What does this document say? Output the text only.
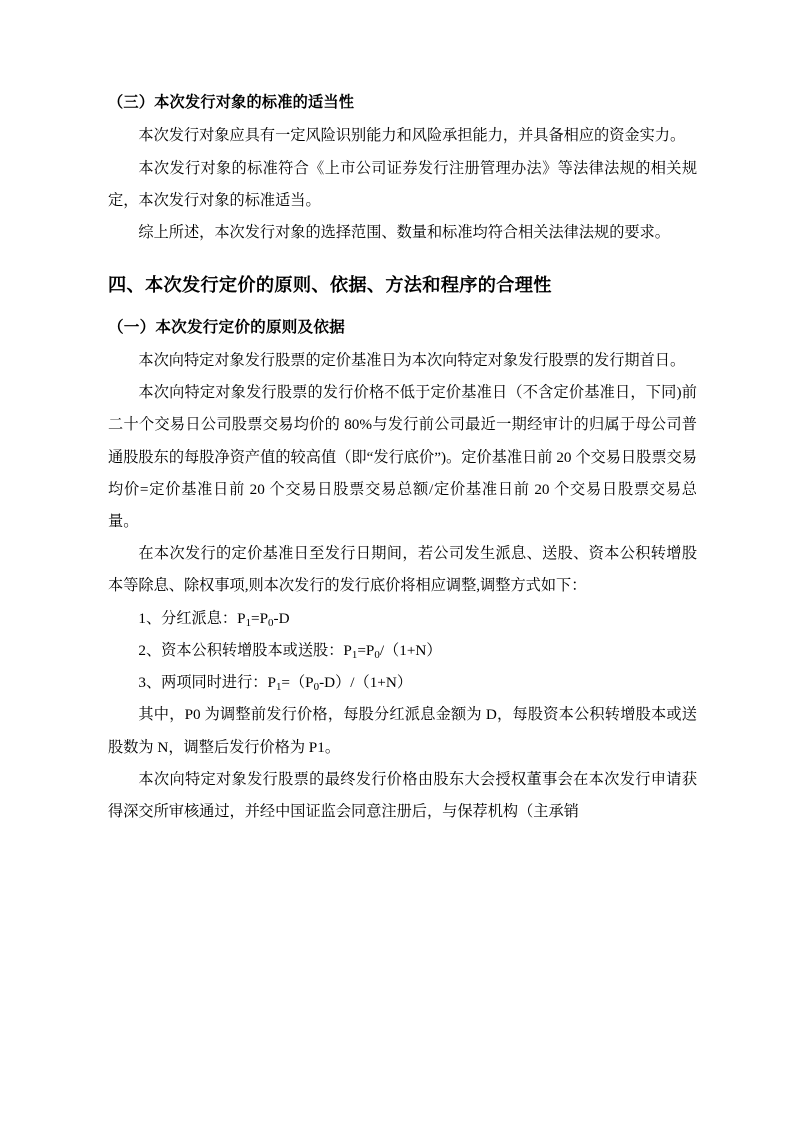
（三）本次发行对象的标准的适当性

本次发行对象应具有一定风险识别能力和风险承担能力，并具备相应的资金实力。

本次发行对象的标准符合《上市公司证券发行注册管理办法》等法律法规的相关规定，本次发行对象的标准适当。

综上所述，本次发行对象的选择范围、数量和标准均符合相关法律法规的要求。

四、本次发行定价的原则、依据、方法和程序的合理性
（一）本次发行定价的原则及依据

本次向特定对象发行股票的定价基准日为本次向特定对象发行股票的发行期首日。

本次向特定对象发行股票的发行价格不低于定价基准日（不含定价基准日，下同)前二十个交易日公司股票交易均价的 80%与发行前公司最近一期经审计的归属于母公司普通股股东的每股净资产值的较高值（即“发行底价”)。定价基准日前 20 个交易日股票交易均价=定价基准日前 20 个交易日股票交易总额/定价基准日前 20 个交易日股票交易总量。

在本次发行的定价基准日至发行日期间，若公司发生派息、送股、资本公积转增股本等除息、除权事项,则本次发行的发行底价将相应调整,调整方式如下：

1、分红派息：$P_1=P_0-D$

2、资本公积转增股本或送股：$P_1=P_0/(1+N)$

3、两项同时进行：$P_1=(P_0-D)/(1+N)$

其中，P0 为调整前发行价格，每股分红派息金额为 D，每股资本公积转增股本或送股数为 N，调整后发行价格为 P1。

本次向特定对象发行股票的最终发行价格由股东大会授权董事会在本次发行申请获得深交所审核通过，并经中国证监会同意注册后，与保荐机构（主承销
